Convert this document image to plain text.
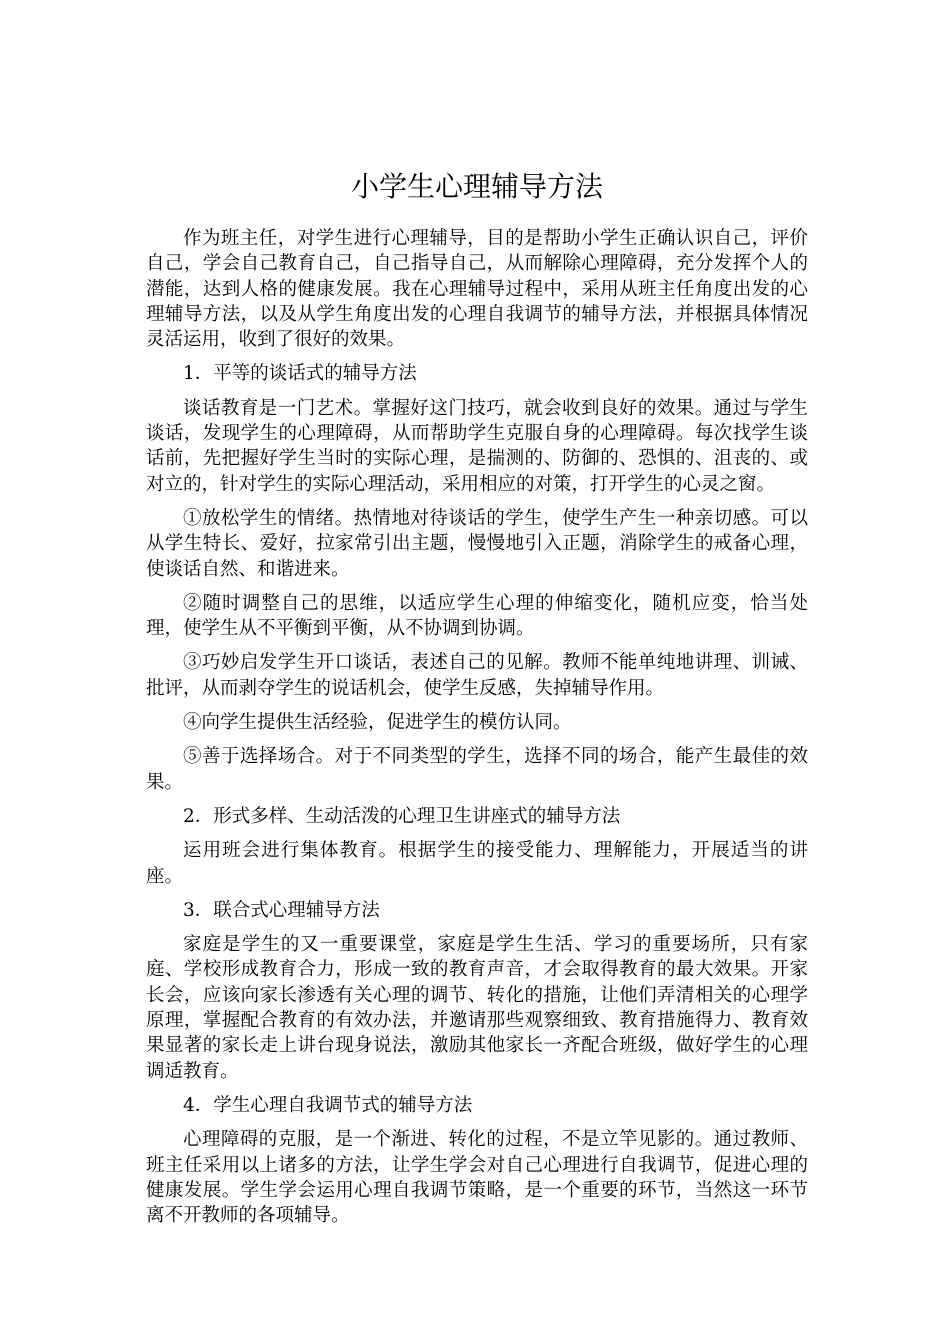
小学生心理辅导方法

作为班主任，对学生进行心理辅导，目的是帮助小学生正确认识自己，评价自己，学会自己教育自己，自己指导自己，从而解除心理障碍，充分发挥个人的潜能，达到人格的健康发展。我在心理辅导过程中，采用从班主任角度出发的心理辅导方法，以及从学生角度出发的心理自我调节的辅导方法，并根据具体情况灵活运用，收到了很好的效果。

1．平等的谈话式的辅导方法

谈话教育是一门艺术。掌握好这门技巧，就会收到良好的效果。通过与学生谈话，发现学生的心理障碍，从而帮助学生克服自身的心理障碍。每次找学生谈话前，先把握好学生当时的实际心理，是揣测的、防御的、恐惧的、沮丧的、或对立的，针对学生的实际心理活动，采用相应的对策，打开学生的心灵之窗。

①放松学生的情绪。热情地对待谈话的学生，使学生产生一种亲切感。可以从学生特长、爱好，拉家常引出主题，慢慢地引入正题，消除学生的戒备心理，使谈话自然、和谐进来。

②随时调整自己的思维，以适应学生心理的伸缩变化，随机应变，恰当处理，使学生从不平衡到平衡，从不协调到协调。

③巧妙启发学生开口谈话，表述自己的见解。教师不能单纯地讲理、训诫、批评，从而剥夺学生的说话机会，使学生反感，失掉辅导作用。

④向学生提供生活经验，促进学生的模仿认同。

⑤善于选择场合。对于不同类型的学生，选择不同的场合，能产生最佳的效果。

2．形式多样、生动活泼的心理卫生讲座式的辅导方法

运用班会进行集体教育。根据学生的接受能力、理解能力，开展适当的讲座。

3．联合式心理辅导方法

家庭是学生的又一重要课堂，家庭是学生生活、学习的重要场所，只有家庭、学校形成教育合力，形成一致的教育声音，才会取得教育的最大效果。开家长会，应该向家长渗透有关心理的调节、转化的措施，让他们弄清相关的心理学原理，掌握配合教育的有效办法，并邀请那些观察细致、教育措施得力、教育效果显著的家长走上讲台现身说法，激励其他家长一齐配合班级，做好学生的心理调适教育。

4．学生心理自我调节式的辅导方法

心理障碍的克服，是一个渐进、转化的过程，不是立竿见影的。通过教师、班主任采用以上诸多的方法，让学生学会对自己心理进行自我调节，促进心理的健康发展。学生学会运用心理自我调节策略，是一个重要的环节，当然这一环节离不开教师的各项辅导。
